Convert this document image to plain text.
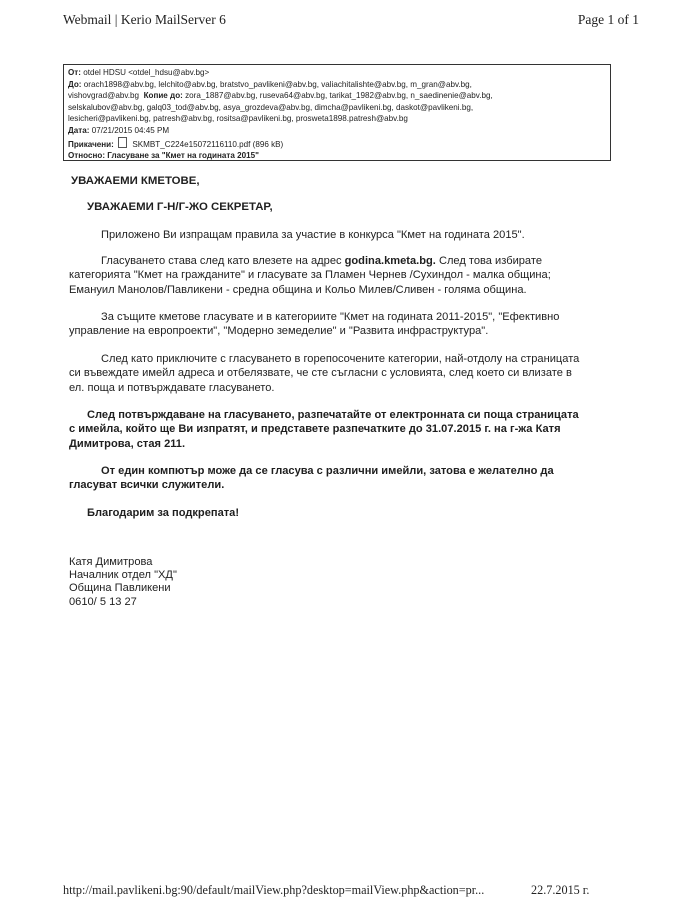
Webmail | Kerio MailServer 6	Page 1 of 1
От: otdel HDSU <otdel_hdsu@abv.bg>
До: orach1898@abv.bg, lelchito@abv.bg, bratstvo_pavlikeni@abv.bg, valiachitalishte@abv.bg, m_gran@abv.bg,
vishovgrad@abv.bg Копие до: zora_1887@abv.bg, ruseva64@abv.bg, tarikat_1982@abv.bg, n_saedinenie@abv.bg,
selskalubov@abv.bg, galq03_tod@abv.bg, asya_grozdeva@abv.bg, dimcha@pavlikeni.bg, daskot@pavlikeni.bg,
lesicheri@pavlikeni.bg, patresh@abv.bg, rositsa@pavlikeni.bg, prosweta1898.patresh@abv.bg
Дата: 07/21/2015 04:45 PM
Прикачени: SKMBT_C224e15072116110.pdf (896 kB)
Относно: Гласуване за "Кмет на годината 2015"
УВАЖАЕМИ КМЕТОВЕ,
УВАЖАЕМИ Г-Н/Г-ЖО СЕКРЕТАР,
Приложено Ви изпращам правила за участие в конкурса "Кмет на годината 2015".
Гласуването става след като влезете на адрес godina.kmeta.bg. След това избирате категорията "Кмет на гражданите" и гласувате за Пламен Чернев /Сухиндол - малка община; Емануил Манолов/Павликени - средна община и Кольо Милев/Сливен - голяма община.
За същите кметове гласувате и в категориите "Кмет на годината 2011-2015", "Ефективно управление на европроекти", "Модерно земеделие" и "Развита инфраструктура".
След като приключите с гласуването в горепосочените категории, най-отдолу на страницата си въвеждате имейл адреса и отбелязвате, че сте съгласни с условията, след което си влизате в ел. поща и потвърждавате гласуването.
След потвърждаване на гласуването, разпечатайте от електронната си поща страницата с имейла, който ще Ви изпратят, и представете разпечатките до 31.07.2015 г. на г-жа Катя Димитрова, стая 211.
От един компютър може да се гласува с различни имейли, затова е желателно да гласуват всички служители.
Благодарим за подкрепата!
Катя Димитрова
Началник отдел "ХД"
Община Павликени
0610/ 5 13 27
http://mail.pavlikeni.bg:90/default/mailView.php?desktop=mailView.php&action=pr...	22.7.2015 г.
